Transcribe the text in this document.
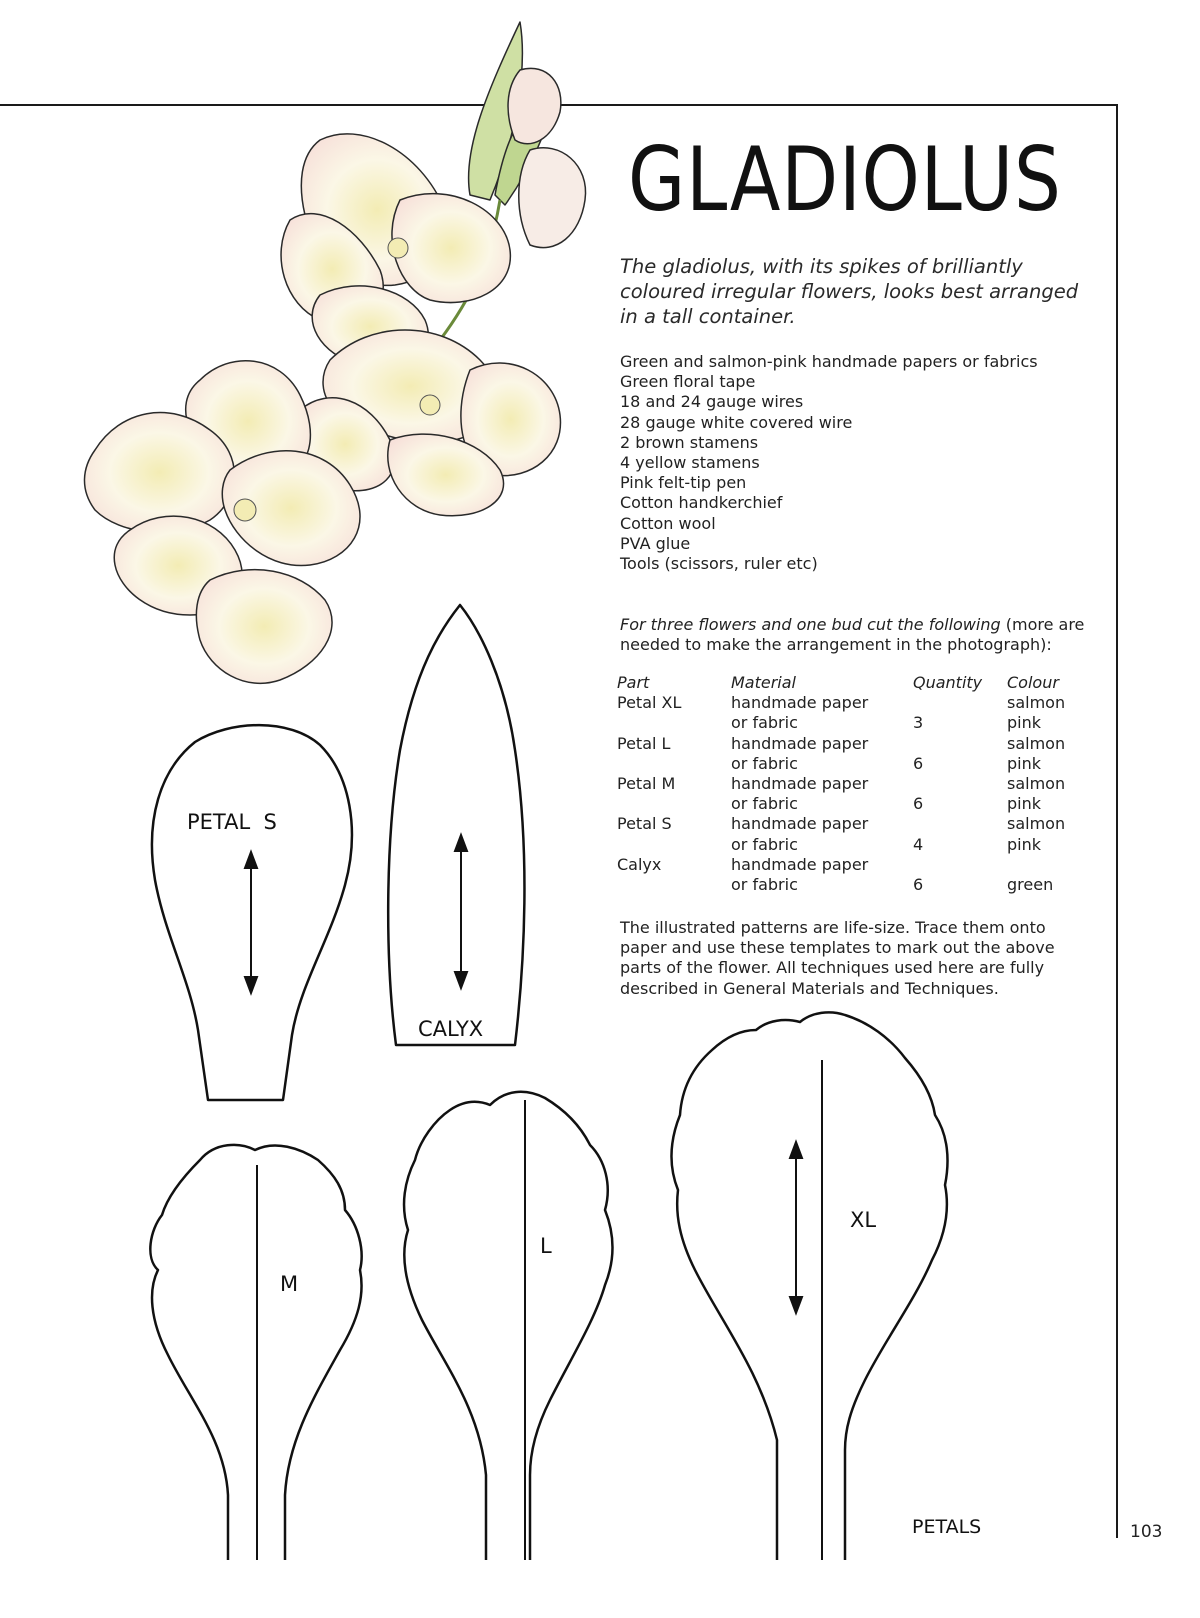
PETAL  S
CALYX
M
L
XL
PETALS
GLADIOLUS
The gladiolus, with its spikes of brilliantly coloured irregular flowers, looks best arranged in a tall container.
Green and salmon-pink handmade papers or fabrics
Green floral tape
18 and 24 gauge wires
28 gauge white covered wire
2 brown stamens
4 yellow stamens
Pink felt-tip pen
Cotton handkerchief
Cotton wool
PVA glue
Tools (scissors, ruler etc)
For three flowers and one bud cut the following (more are needed to make the arrangement in the photograph):
Part	Material	Quantity	Colour
Petal XL	handmade paper		salmon
	or fabric	3	pink
Petal L	handmade paper		salmon
	or fabric	6	pink
Petal M	handmade paper		salmon
	or fabric	6	pink
Petal S	handmade paper		salmon
	or fabric	4	pink
Calyx	handmade paper		
	or fabric	6	green
The illustrated patterns are life-size. Trace them onto paper and use these templates to mark out the above parts of the flower. All techniques used here are fully described in General Materials and Techniques.
103
